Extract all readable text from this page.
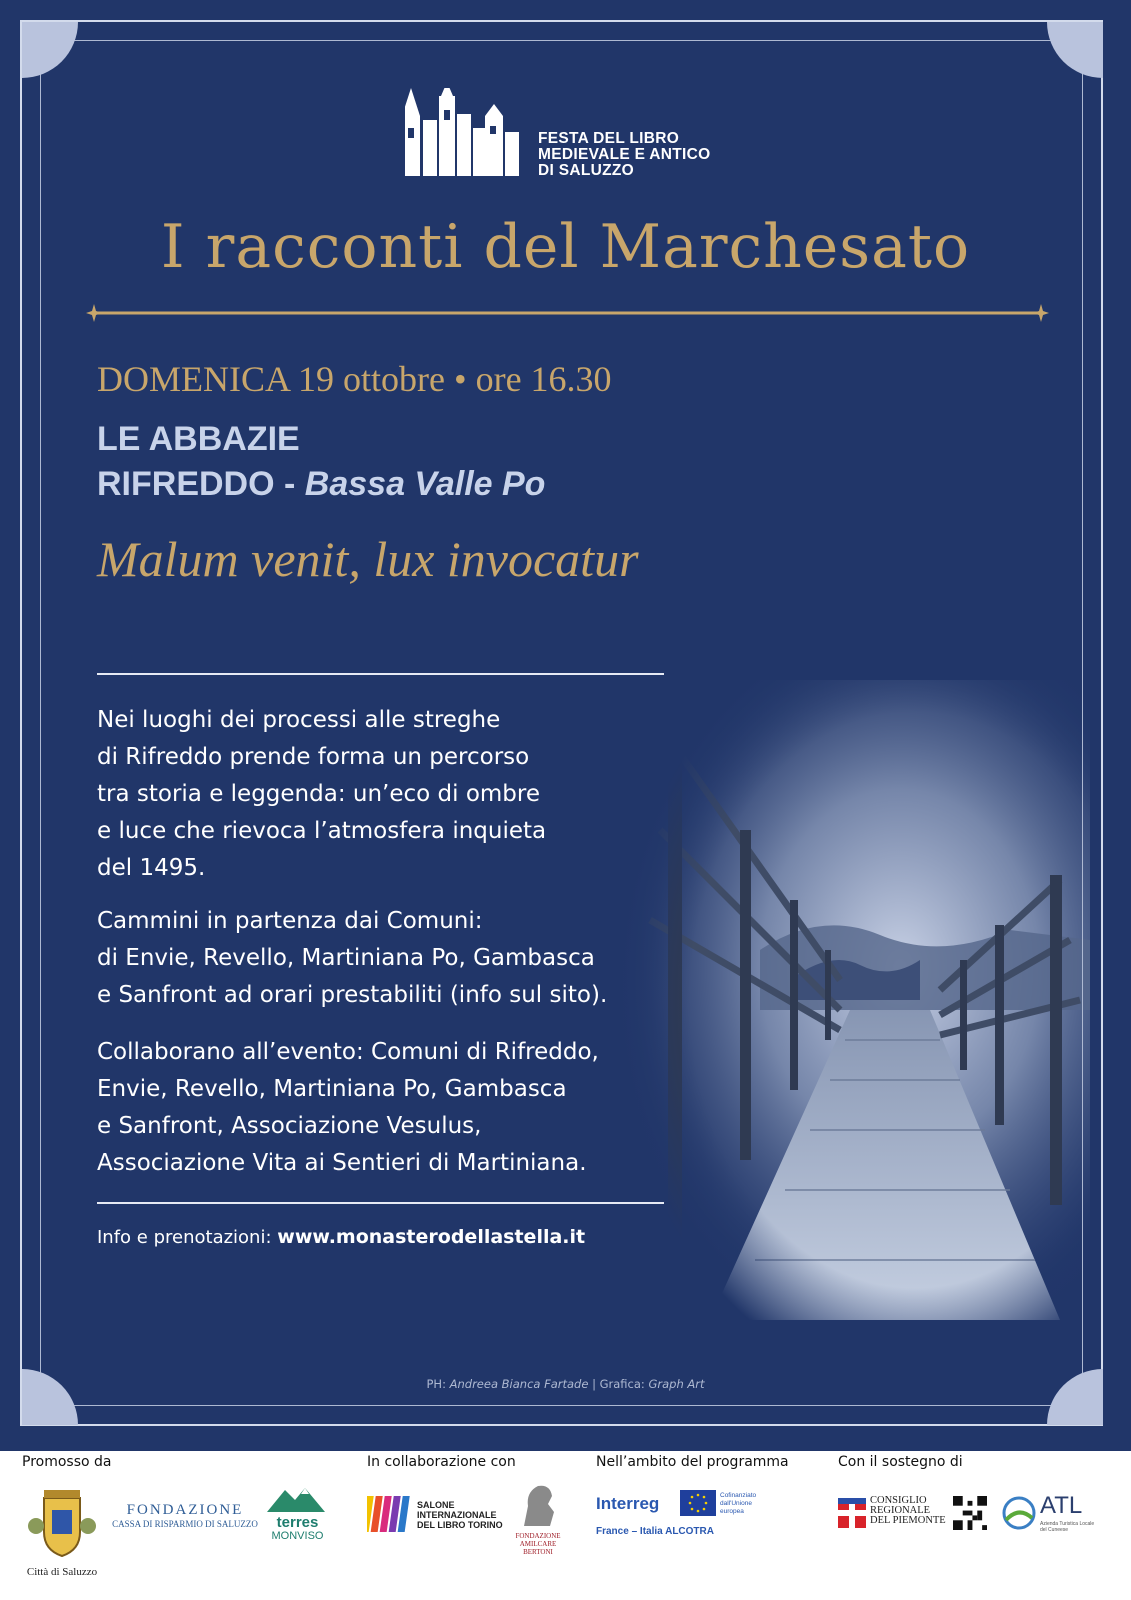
FESTA DEL LIBRO
MEDIEVALE E ANTICO
DI SALUZZO
I racconti del Marchesato
DOMENICA 19 ottobre • ore 16.30
LE ABBAZIE
RIFREDDO - Bassa Valle Po
Malum venit, lux invocatur
Nei luoghi dei processi alle streghe
di Rifreddo prende forma un percorso
tra storia e leggenda: un’eco di ombre
e luce che rievoca l’atmosfera inquieta
del 1495.
Cammini in partenza dai Comuni:
di Envie, Revello, Martiniana Po, Gambasca
e Sanfront ad orari prestabiliti (info sul sito).
Collaborano all’evento: Comuni di Rifreddo,
Envie, Revello, Martiniana Po, Gambasca
e Sanfront, Associazione Vesulus,
Associazione Vita ai Sentieri di Martiniana.
Info e prenotazioni: www.monasterodellastella.it
PH: Andreea Bianca Fartade | Grafica: Graph Art
Promosso da	In collaborazione con	Nell’ambito del programma	Con il sostegno di
Città di Saluzzo
FONDAZIONE
CASSA DI RISPARMIO DI SALUZZO	terres
MONVISO
SALONE
INTERNAZIONALE
DEL LIBRO TORINO
FONDAZIONE
AMILCARE
BERTONI
Interreg	Cofinanziato
dall'Unione europea
France – Italia ALCOTRA
CONSIGLIO
REGIONALE
DEL PIEMONTE
ATL
Azienda Turistica Locale del Cuneese
